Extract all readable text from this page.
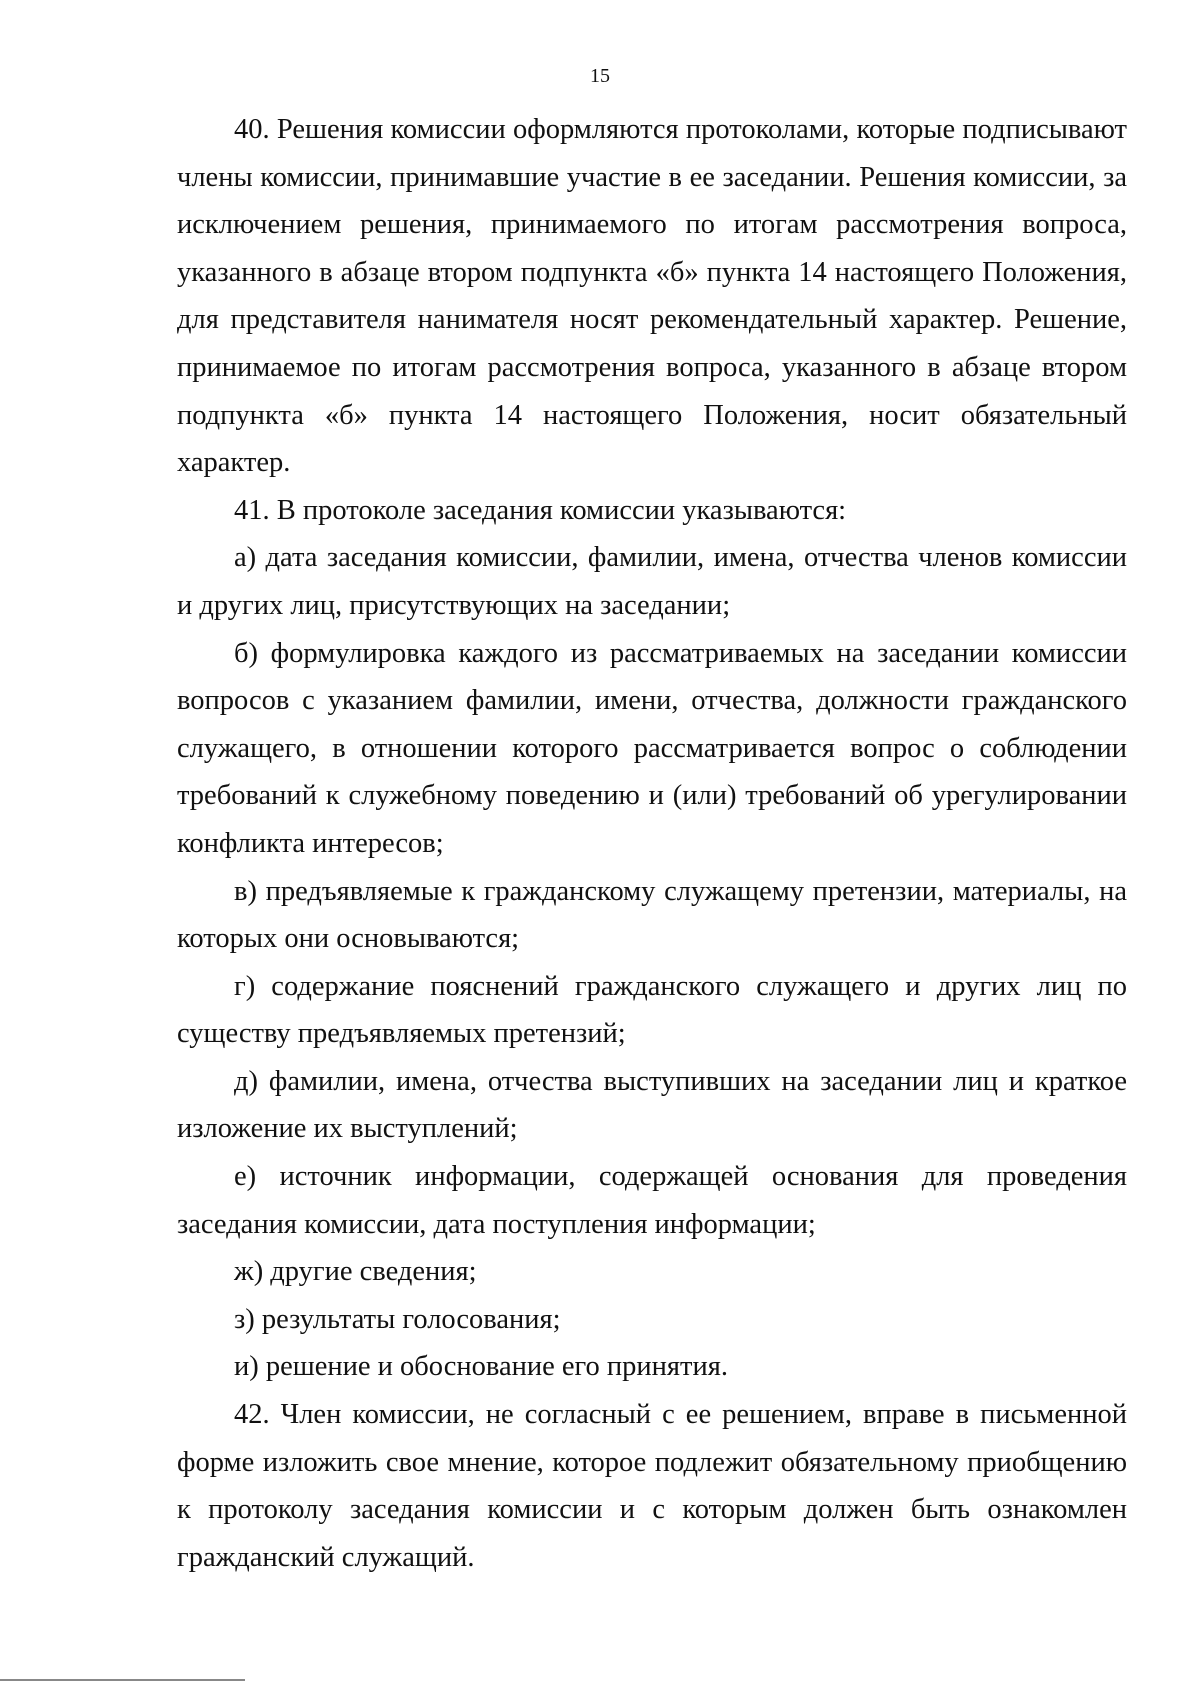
15

40. Решения комиссии оформляются протоколами, которые подписывают члены комиссии, принимавшие участие в ее заседании. Решения комиссии, за исключением решения, принимаемого по итогам рассмотрения вопроса, указанного в абзаце втором подпункта «б» пункта 14 настоящего Положения, для представителя нанимателя носят рекомендательный характер. Решение, принимаемое по итогам рассмотрения вопроса, указанного в абзаце втором подпункта «б» пункта 14 настоящего Положения, носит обязательный характер.

41. В протоколе заседания комиссии указываются:

а) дата заседания комиссии, фамилии, имена, отчества членов комиссии и других лиц, присутствующих на заседании;

б) формулировка каждого из рассматриваемых на заседании комиссии вопросов с указанием фамилии, имени, отчества, должности гражданского служащего, в отношении которого рассматривается вопрос о соблюдении требований к служебному поведению и (или) требований об урегулировании конфликта интересов;

в) предъявляемые к гражданскому служащему претензии, материалы, на которых они основываются;

г) содержание пояснений гражданского служащего и других лиц по существу предъявляемых претензий;

д) фамилии, имена, отчества выступивших на заседании лиц и краткое изложение их выступлений;

е) источник информации, содержащей основания для проведения заседания комиссии, дата поступления информации;

ж) другие сведения;

з) результаты голосования;

и) решение и обоснование его принятия.

42. Член комиссии, не согласный с ее решением, вправе в письменной форме изложить свое мнение, которое подлежит обязательному приобщению к протоколу заседания комиссии и с которым должен быть ознакомлен гражданский служащий.
